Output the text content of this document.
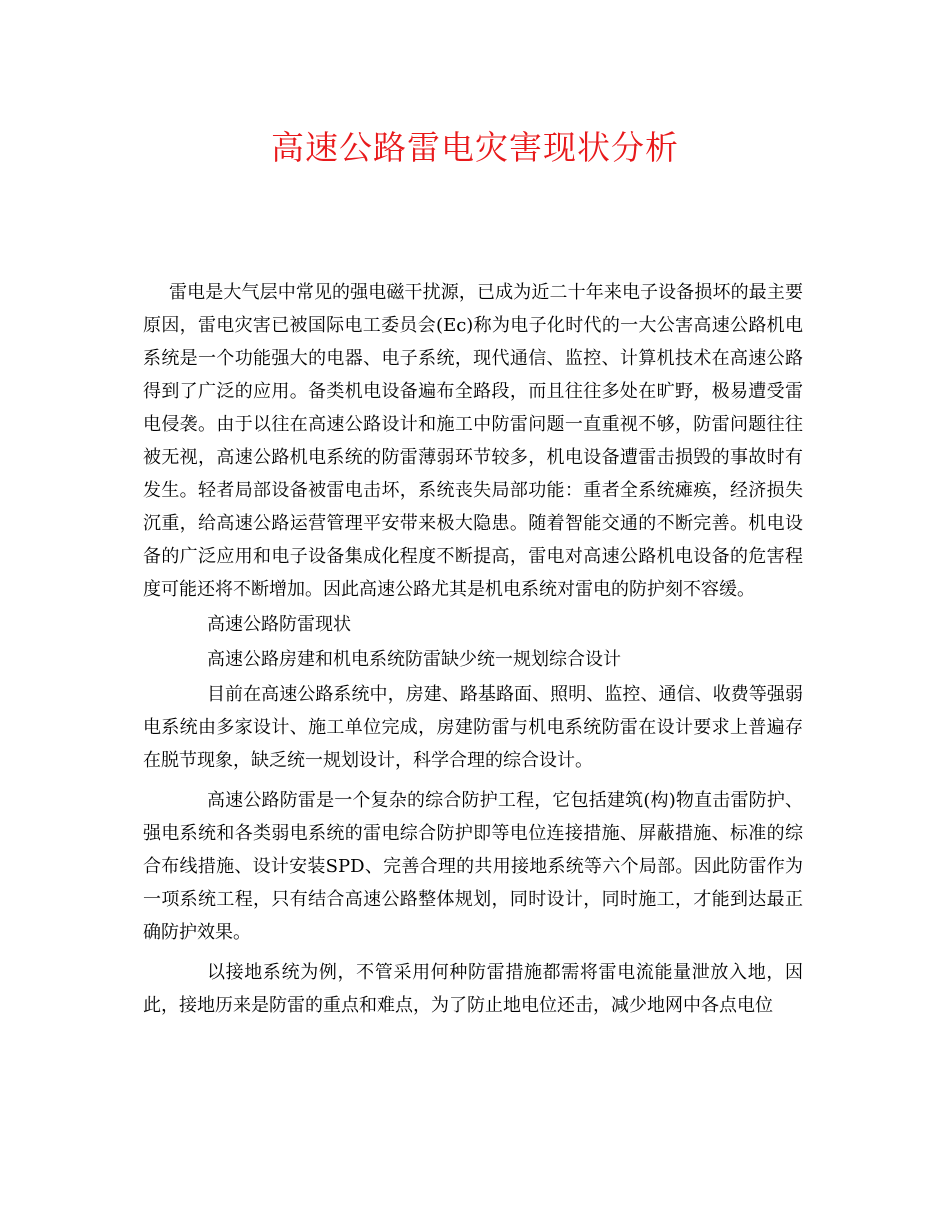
高速公路雷电灾害现状分析

雷电是大气层中常见的强电磁干扰源，已成为近二十年来电子设备损坏的最主要原因，雷电灾害已被国际电工委员会(Ec)称为电子化时代的一大公害高速公路机电系统是一个功能强大的电器、电子系统，现代通信、监控、计算机技术在高速公路得到了广泛的应用。备类机电设备遍布全路段，而且往往多处在旷野，极易遭受雷电侵袭。由于以往在高速公路设计和施工中防雷问题一直重视不够，防雷问题往往被无视，高速公路机电系统的防雷薄弱环节较多，机电设备遭雷击损毁的事故时有发生。轻者局部设备被雷电击坏，系统丧失局部功能：重者全系统瘫痪，经济损失沉重，给高速公路运营管理平安带来极大隐患。随着智能交通的不断完善。机电设备的广泛应用和电子设备集成化程度不断提高，雷电对高速公路机电设备的危害程度可能还将不断增加。因此高速公路尤其是机电系统对雷电的防护刻不容缓。

高速公路防雷现状

高速公路房建和机电系统防雷缺少统一规划综合设计

目前在高速公路系统中，房建、路基路面、照明、监控、通信、收费等强弱电系统由多家设计、施工单位完成，房建防雷与机电系统防雷在设计要求上普遍存在脱节现象，缺乏统一规划设计，科学合理的综合设计。

高速公路防雷是一个复杂的综合防护工程，它包括建筑(构)物直击雷防护、强电系统和各类弱电系统的雷电综合防护即等电位连接措施、屏蔽措施、标准的综合布线措施、设计安装SPD、完善合理的共用接地系统等六个局部。因此防雷作为一项系统工程，只有结合高速公路整体规划，同时设计，同时施工，才能到达最正确防护效果。

以接地系统为例，不管采用何种防雷措施都需将雷电流能量泄放入地，因此，接地历来是防雷的重点和难点，为了防止地电位还击，减少地网中各点电位
